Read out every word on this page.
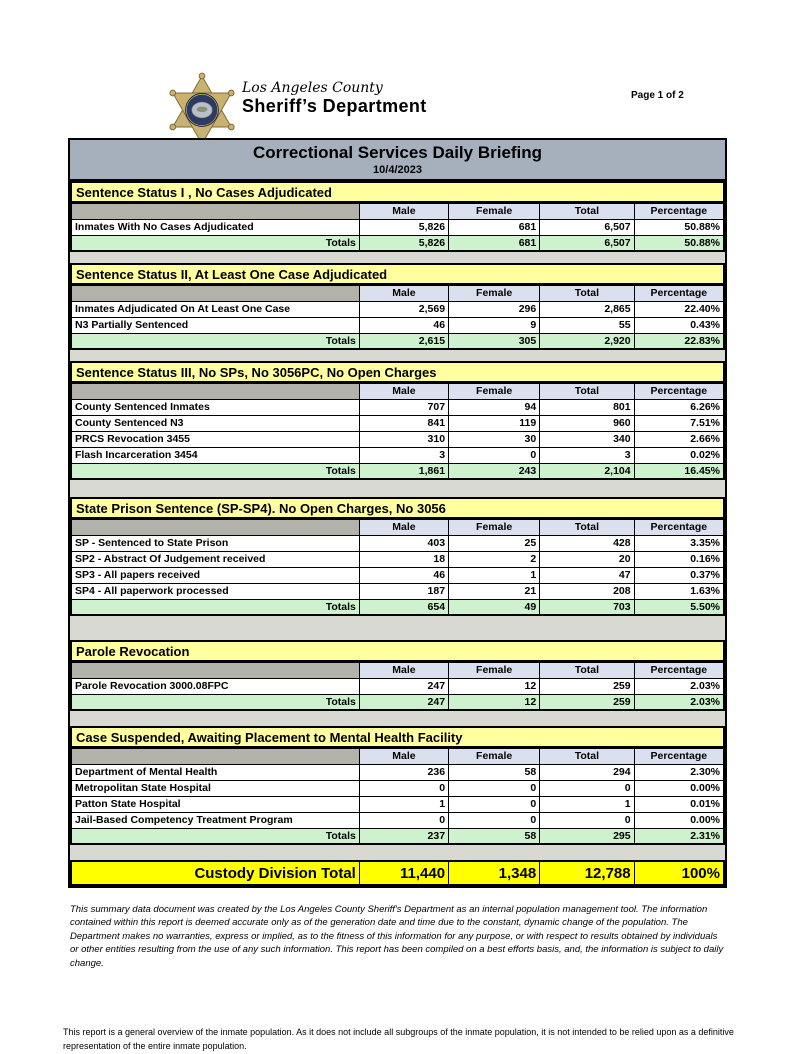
Los Angeles County
Sheriff’s Department
Page 1 of 2
Correctional Services Daily Briefing
10/4/2023
Sentence Status I , No Cases Adjudicated
	Male	Female	Total	Percentage
Inmates With No Cases Adjudicated	5,826	681	6,507	50.88%
Totals	5,826	681	6,507	50.88%
Sentence Status II, At Least One Case Adjudicated
	Male	Female	Total	Percentage
Inmates Adjudicated On At Least One Case	2,569	296	2,865	22.40%
N3 Partially Sentenced	46	9	55	0.43%
Totals	2,615	305	2,920	22.83%
Sentence Status III, No SPs, No 3056PC, No Open Charges
	Male	Female	Total	Percentage
County Sentenced Inmates	707	94	801	6.26%
County Sentenced N3	841	119	960	7.51%
PRCS Revocation 3455	310	30	340	2.66%
Flash Incarceration 3454	3	0	3	0.02%
Totals	1,861	243	2,104	16.45%
State Prison Sentence (SP-SP4). No Open Charges, No 3056
	Male	Female	Total	Percentage
SP - Sentenced to State Prison	403	25	428	3.35%
SP2 - Abstract Of Judgement received	18	2	20	0.16%
SP3 - All papers received	46	1	47	0.37%
SP4 - All paperwork processed	187	21	208	1.63%
Totals	654	49	703	5.50%
Parole Revocation
	Male	Female	Total	Percentage
Parole Revocation 3000.08FPC	247	12	259	2.03%
Totals	247	12	259	2.03%
Case Suspended, Awaiting Placement to Mental Health Facility
	Male	Female	Total	Percentage
Department of Mental Health	236	58	294	2.30%
Metropolitan State Hospital	0	0	0	0.00%
Patton State Hospital	1	0	1	0.01%
Jail-Based Competency Treatment Program	0	0	0	0.00%
Totals	237	58	295	2.31%
Custody Division Total	11,440	1,348	12,788	100%

This summary data document was created by the Los Angeles County Sheriff's Department as an internal population management tool. The information contained within this report is deemed accurate only as of the generation date and time due to the constant, dynamic change of the population. The Department makes no warranties, express or implied, as to the fitness of this information for any purpose, or with respect to results obtained by individuals or other entities resulting from the use of any such information. This report has been compiled on a best efforts basis, and, the information is subject to daily change.

This report is a general overview of the inmate population. As it does not include all subgroups of the inmate population, it is not intended to be relied upon as a definitive representation of the entire inmate population.
